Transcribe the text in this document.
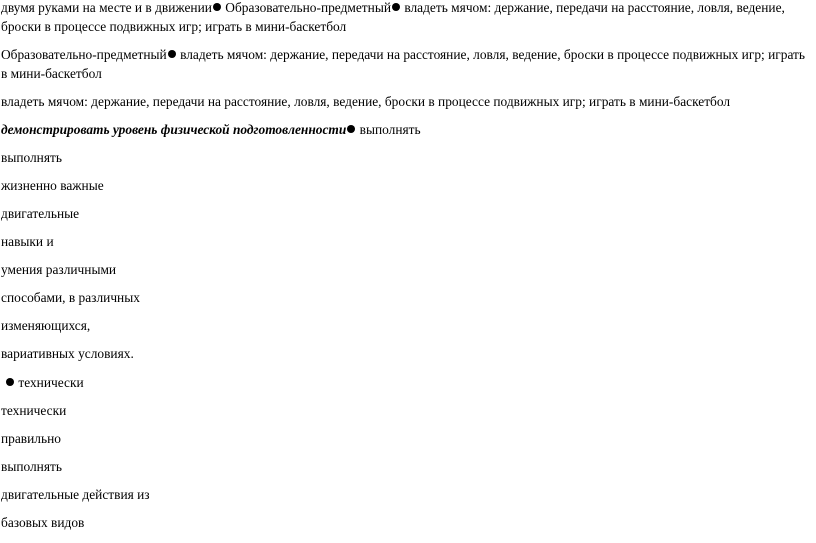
двумя руками на месте и в движении Образовательно-предметный владеть мячом: держание, передачи на расстояние, ловля, ведение, броски в процессе подвижных игр; играть в мини-баскетбол
Образовательно-предметный владеть мячом: держание, передачи на расстояние, ловля, ведение, броски в процессе подвижных игр; играть в мини-баскетбол
владеть мячом: держание, передачи на расстояние, ловля, ведение, броски в процессе подвижных игр; играть в мини-баскетбол
демонстрировать уровень физической подготовленности выполнять
выполнять
жизненно важные
двигательные
навыки и
умения различными
способами, в различных
изменяющихся,
вариативных условиях.
технически
технически
правильно
выполнять
двигательные действия из
базовых видов
